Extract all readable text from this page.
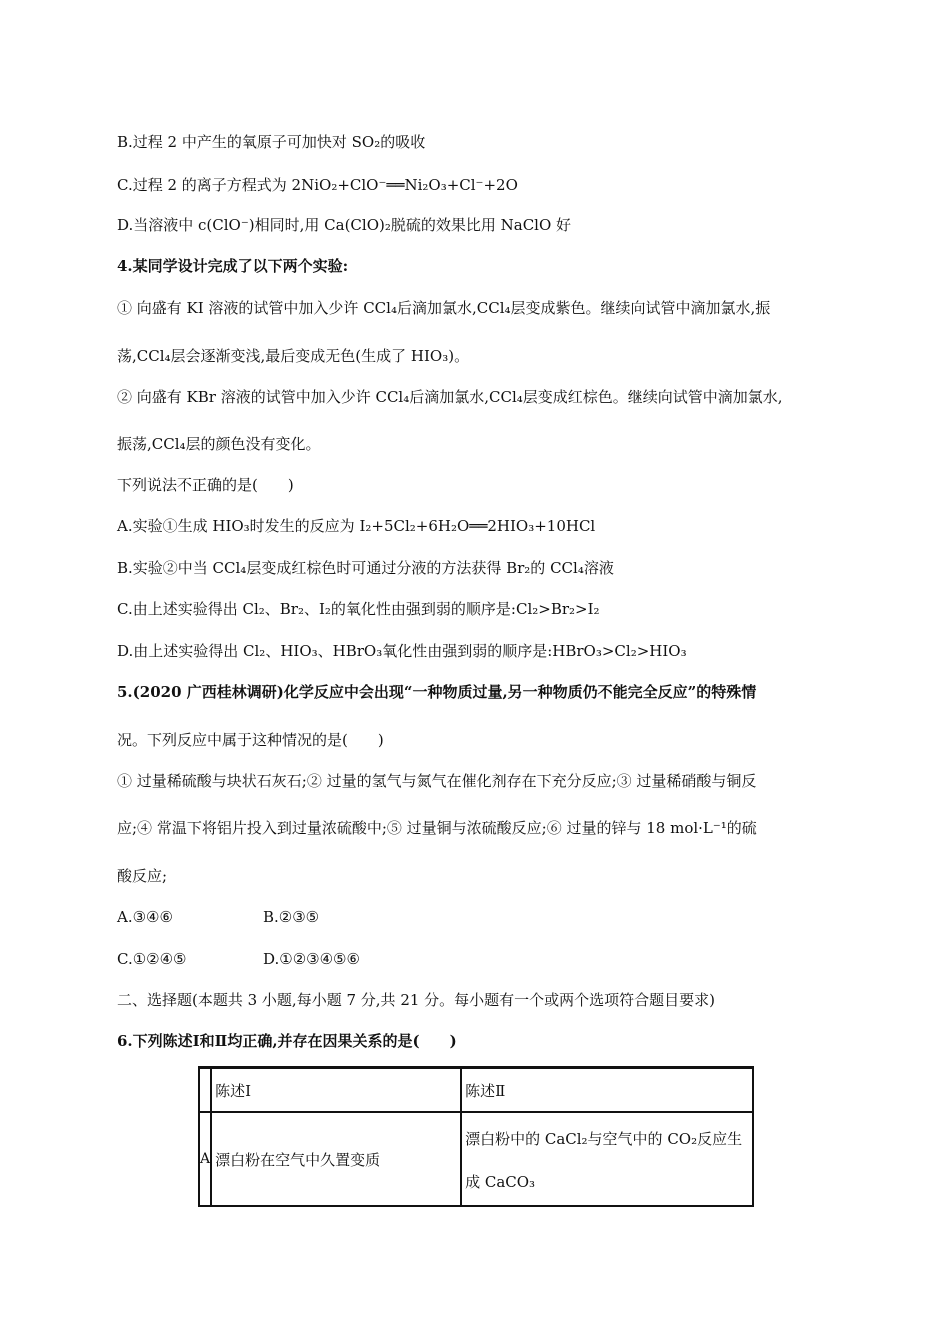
B.过程 2 中产生的氧原子可加快对 SO₂的吸收
C.过程 2 的离子方程式为 2NiO₂+ClO⁻══Ni₂O₃+Cl⁻+2O
D.当溶液中 c(ClO⁻)相同时,用 Ca(ClO)₂脱硫的效果比用 NaClO 好
4.某同学设计完成了以下两个实验:
① 向盛有 KI 溶液的试管中加入少许 CCl₄后滴加氯水,CCl₄层变成紫色。继续向试管中滴加氯水,振
荡,CCl₄层会逐渐变浅,最后变成无色(生成了 HIO₃)。
② 向盛有 KBr 溶液的试管中加入少许 CCl₄后滴加氯水,CCl₄层变成红棕色。继续向试管中滴加氯水,
振荡,CCl₄层的颜色没有变化。
下列说法不正确的是(　　)
A.实验①生成 HIO₃时发生的反应为 I₂+5Cl₂+6H₂O══2HIO₃+10HCl
B.实验②中当 CCl₄层变成红棕色时可通过分液的方法获得 Br₂的 CCl₄溶液
C.由上述实验得出 Cl₂、Br₂、I₂的氧化性由强到弱的顺序是:Cl₂>Br₂>I₂
D.由上述实验得出 Cl₂、HIO₃、HBrO₃氧化性由强到弱的顺序是:HBrO₃>Cl₂>HIO₃
5.(2020 广西桂林调研)化学反应中会出现“一种物质过量,另一种物质仍不能完全反应”的特殊情
况。下列反应中属于这种情况的是(　　)
① 过量稀硫酸与块状石灰石;② 过量的氢气与氮气在催化剂存在下充分反应;③ 过量稀硝酸与铜反
应;④ 常温下将铝片投入到过量浓硫酸中;⑤ 过量铜与浓硫酸反应;⑥ 过量的锌与 18 mol·L⁻¹的硫
酸反应;
A.③④⑥	B.②③⑤
C.①②④⑤	D.①②③④⑤⑥
二、选择题(本题共 3 小题,每小题 7 分,共 21 分。每小题有一个或两个选项符合题目要求)
6.下列陈述Ⅰ和Ⅱ均正确,并存在因果关系的是(　　)
	陈述Ⅰ	陈述Ⅱ
A	漂白粉在空气中久置变质	漂白粉中的 CaCl₂与空气中的 CO₂反应生
成 CaCO₃
